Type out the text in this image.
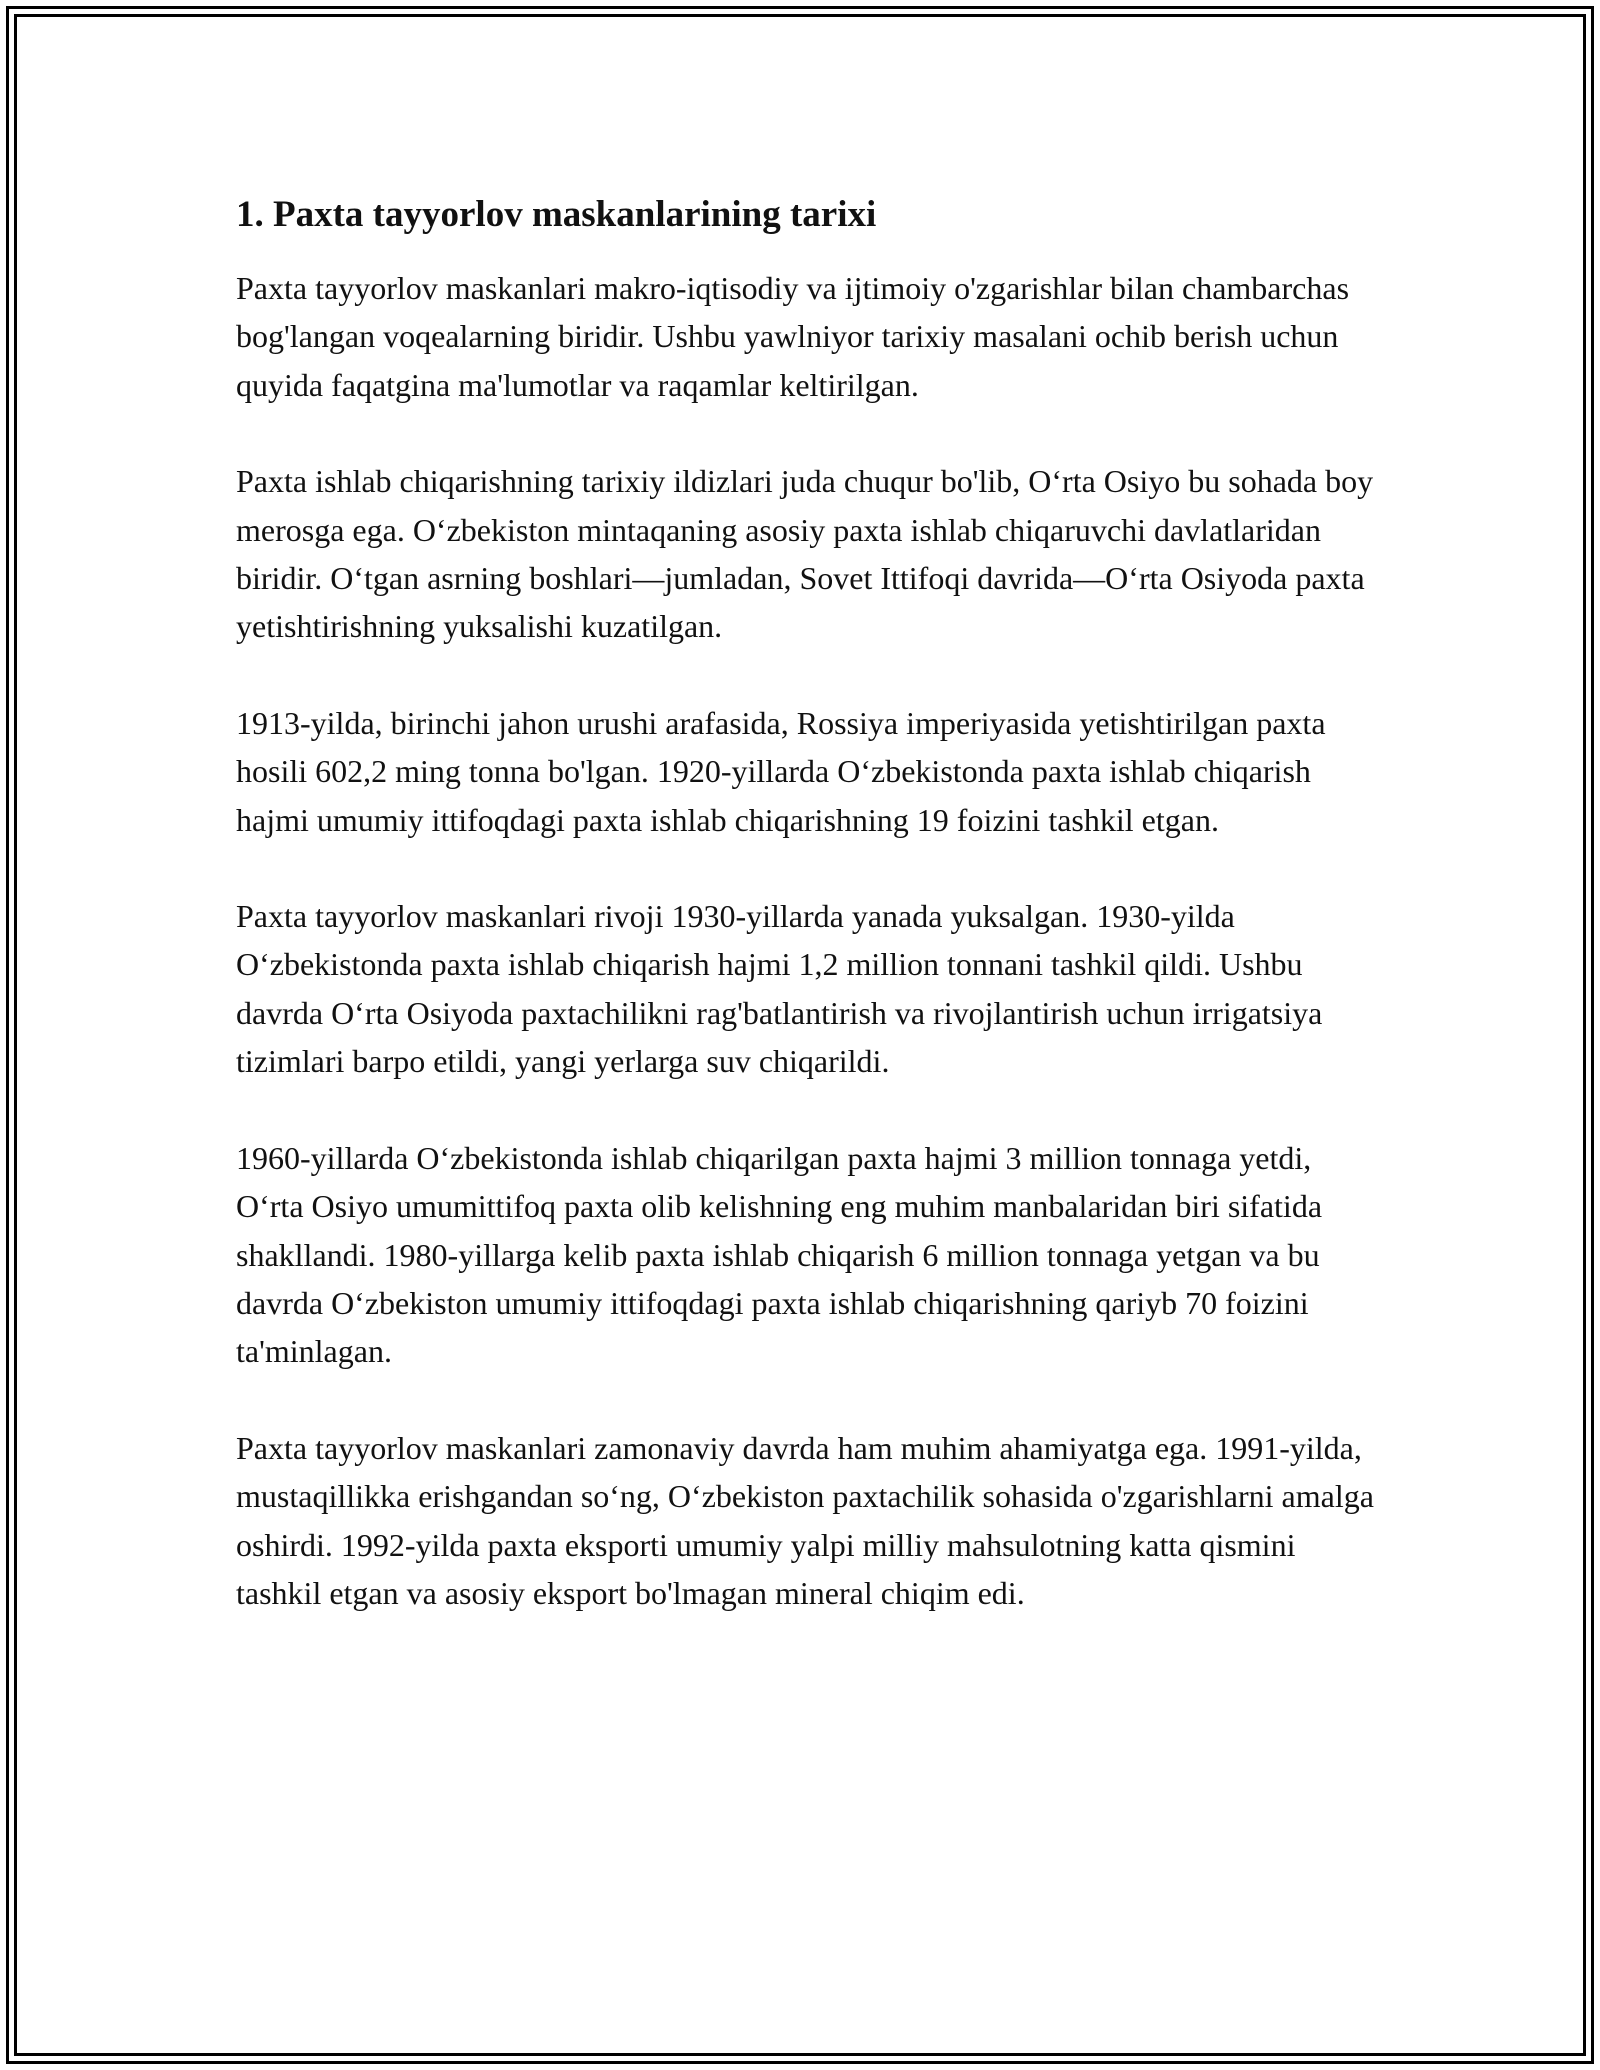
1. Paxta tayyorlov maskanlarining tarixi

Paxta tayyorlov maskanlari makro-iqtisodiy va ijtimoiy o'zgarishlar bilan chambarchas bog'langan voqealarning biridir. Ushbu yawlniyor tarixiy masalani ochib berish uchun quyida faqatgina ma'lumotlar va raqamlar keltirilgan.

Paxta ishlab chiqarishning tarixiy ildizlari juda chuqur bo'lib, O‘rta Osiyo bu sohada boy merosga ega. O‘zbekiston mintaqaning asosiy paxta ishlab chiqaruvchi davlatlaridan biridir. O‘tgan asrning boshlari—jumladan, Sovet Ittifoqi davrida—O‘rta Osiyoda paxta yetishtirishning yuksalishi kuzatilgan.

1913-yilda, birinchi jahon urushi arafasida, Rossiya imperiyasida yetishtirilgan paxta hosili 602,2 ming tonna bo'lgan. 1920-yillarda O‘zbekistonda paxta ishlab chiqarish hajmi umumiy ittifoqdagi paxta ishlab chiqarishning 19 foizini tashkil etgan.

Paxta tayyorlov maskanlari rivoji 1930-yillarda yanada yuksalgan. 1930-yilda O‘zbekistonda paxta ishlab chiqarish hajmi 1,2 million tonnani tashkil qildi. Ushbu davrda O‘rta Osiyoda paxtachilikni rag'batlantirish va rivojlantirish uchun irrigatsiya tizimlari barpo etildi, yangi yerlarga suv chiqarildi.

1960-yillarda O‘zbekistonda ishlab chiqarilgan paxta hajmi 3 million tonnaga yetdi, O‘rta Osiyo umumittifoq paxta olib kelishning eng muhim manbalaridan biri sifatida shakllandi. 1980-yillarga kelib paxta ishlab chiqarish 6 million tonnaga yetgan va bu davrda O‘zbekiston umumiy ittifoqdagi paxta ishlab chiqarishning qariyb 70 foizini ta'minlagan.

Paxta tayyorlov maskanlari zamonaviy davrda ham muhim ahamiyatga ega. 1991-yilda, mustaqillikka erishgandan so‘ng, O‘zbekiston paxtachilik sohasida o'zgarishlarni amalga oshirdi. 1992-yilda paxta eksporti umumiy yalpi milliy mahsulotning katta qismini tashkil etgan va asosiy eksport bo'lmagan mineral chiqim edi.
